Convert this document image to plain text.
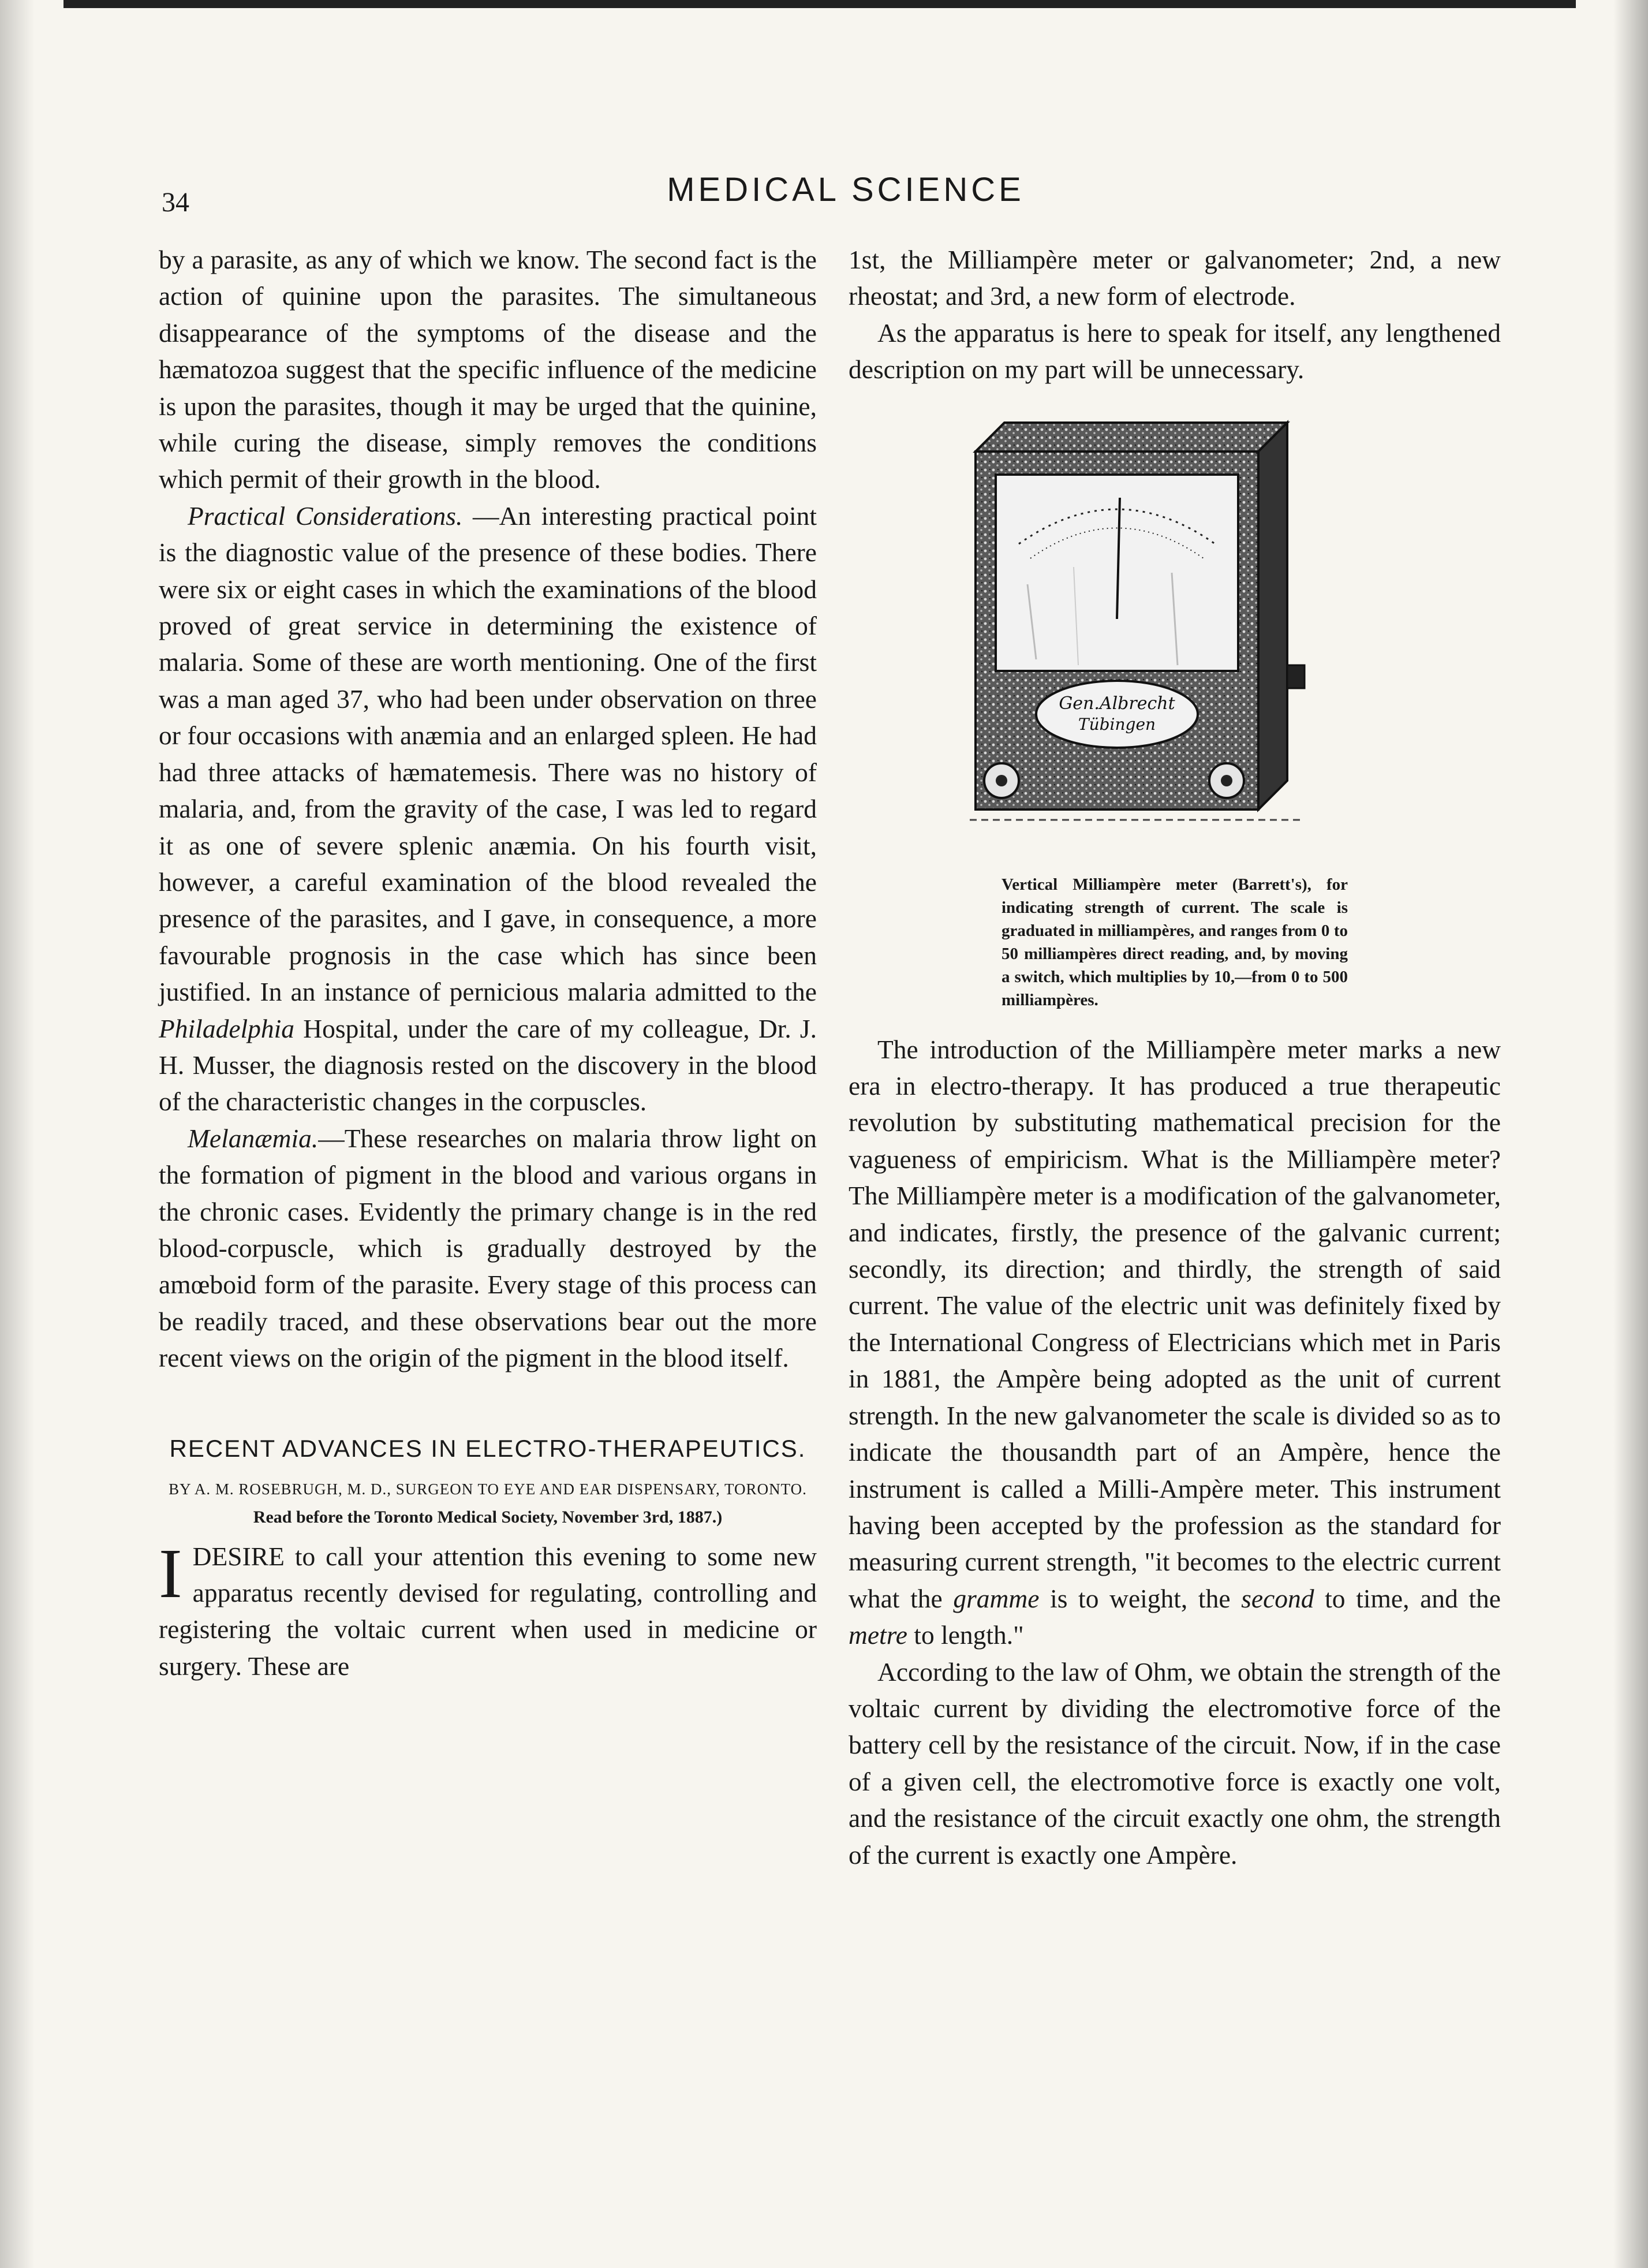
34	MEDICAL SCIENCE

by a parasite, as any of which we know. The second fact is the action of quinine upon the parasites. The simultaneous disappearance of the symptoms of the disease and the hæmatozoa suggest that the specific influence of the medicine is upon the parasites, though it may be urged that the quinine, while curing the disease, simply removes the conditions which permit of their growth in the blood.

Practical Considerations. —An interesting practical point is the diagnostic value of the presence of these bodies. There were six or eight cases in which the examinations of the blood proved of great service in determining the existence of malaria. Some of these are worth mentioning. One of the first was a man aged 37, who had been under observation on three or four occasions with anæmia and an enlarged spleen. He had had three attacks of hæmatemesis. There was no history of malaria, and, from the gravity of the case, I was led to regard it as one of severe splenic anæmia. On his fourth visit, however, a careful examination of the blood revealed the presence of the parasites, and I gave, in consequence, a more favourable prognosis in the case which has since been justified. In an instance of pernicious malaria admitted to the Philadelphia Hospital, under the care of my colleague, Dr. J. H. Musser, the diagnosis rested on the discovery in the blood of the characteristic changes in the corpuscles.

Melanæmia.—These researches on malaria throw light on the formation of pigment in the blood and various organs in the chronic cases. Evidently the primary change is in the red blood-corpuscle, which is gradually destroyed by the amœboid form of the parasite. Every stage of this process can be readily traced, and these observations bear out the more recent views on the origin of the pigment in the blood itself.

RECENT ADVANCES IN ELECTRO-THERAPEUTICS.
BY A. M. ROSEBRUGH, M. D., SURGEON TO EYE AND EAR DISPENSARY, TORONTO.
Read before the Toronto Medical Society, November 3rd, 1887.)

I DESIRE to call your attention this evening to some new apparatus recently devised for regulating, controlling and registering the voltaic current when used in medicine or surgery. These are

1st, the Milliampère meter or galvanometer; 2nd, a new rheostat; and 3rd, a new form of electrode.

As the apparatus is here to speak for itself, any lengthened description on my part will be unnecessary.

Gen.Albrecht
Tübingen
Vertical Milliampère meter (Barrett's), for indicating strength of current. The scale is graduated in milliampères, and ranges from 0 to 50 milliampères direct reading, and, by moving a switch, which multiplies by 10,—from 0 to 500 milliampères.

The introduction of the Milliampère meter marks a new era in electro-therapy. It has produced a true therapeutic revolution by substituting mathematical precision for the vagueness of empiricism. What is the Milliampère meter? The Milliampère meter is a modification of the galvanometer, and indicates, firstly, the presence of the galvanic current; secondly, its direction; and thirdly, the strength of said current. The value of the electric unit was definitely fixed by the International Congress of Electricians which met in Paris in 1881, the Ampère being adopted as the unit of current strength. In the new galvanometer the scale is divided so as to indicate the thousandth part of an Ampère, hence the instrument is called a Milli-Ampère meter. This instrument having been accepted by the profession as the standard for measuring current strength, "it becomes to the electric current what the gramme is to weight, the second to time, and the metre to length."

According to the law of Ohm, we obtain the strength of the voltaic current by dividing the electromotive force of the battery cell by the resistance of the circuit. Now, if in the case of a given cell, the electromotive force is exactly one volt, and the resistance of the circuit exactly one ohm, the strength of the current is exactly one Ampère.
